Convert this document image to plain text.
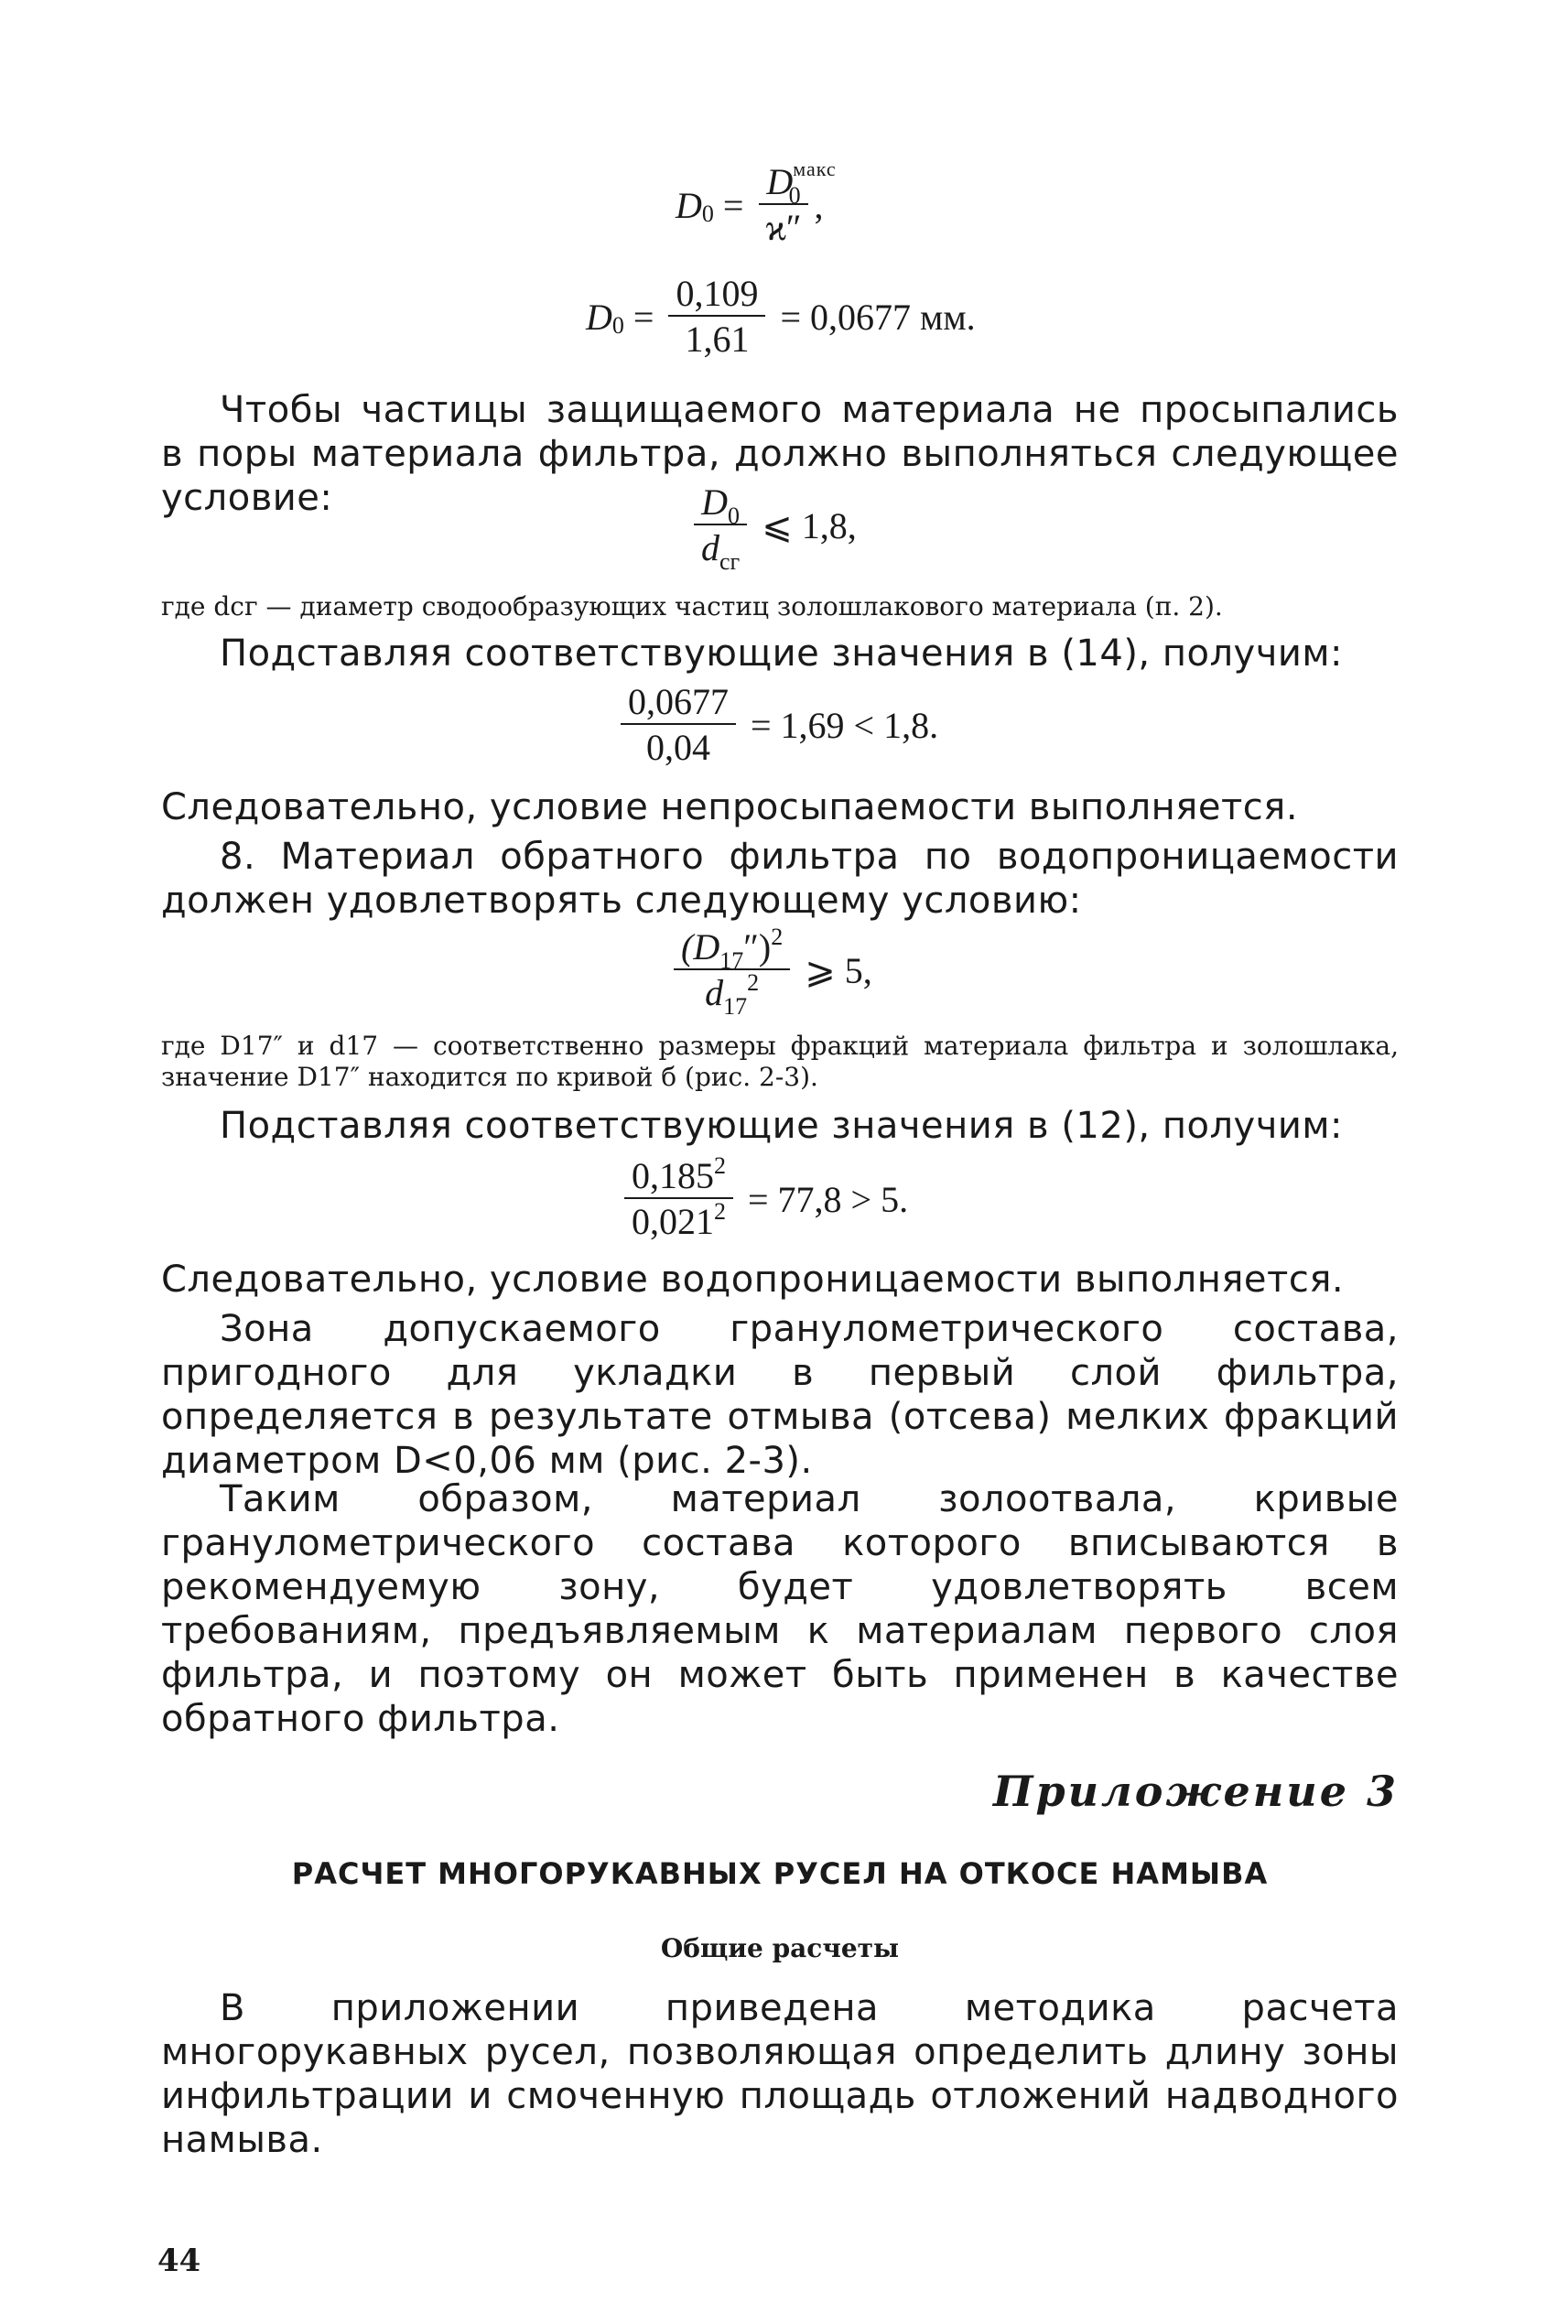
D $0 = \frac{D^{макс}_0}{ϰ''}$ ,
D $0 = \frac{0,109}{1,61} = 0,0677$ мм.

Чтобы частицы защищаемого материала не просыпались в поры материала фильтра, должно выполняться следующее условие:	$\frac{D_0}{d_{сг}}$ ⩽ 1,8,

где dсг — диаметр сводообразующих частиц золошлакового материала (п. 2).

Подставляя соответствующие значения в (14), получим:

$\frac{0,0677}{0,04} = 1,69 < 1,8$.

Следовательно, условие непросыпаемости выполняется.

8. Материал обратного фильтра по водопроницаемости должен удовлетворять следующему условию:

$\frac{(D_{17}'')^2}{d_{17}^2}$ ⩾ 5,

где D17″ и d17 — соответственно размеры фракций материала фильтра и золошлака, значение D17″ находится по кривой б (рис. 2-3).

Подставляя соответствующие значения в (12), получим:

$\frac{0,185^2}{0,021^2} = 77,8 > 5$.

Следовательно, условие водопроницаемости выполняется.

Зона допускаемого гранулометрического состава, пригодного для укладки в первый слой фильтра, определяется в результате отмыва (отсева) мелких фракций диаметром D<0,06 мм (рис. 2-3).

Таким образом, материал золоотвала, кривые гранулометрического состава которого вписываются в рекомендуемую зону, будет удовлетворять всем требованиям, предъявляемым к материалам первого слоя фильтра, и поэтому он может быть применен в качестве обратного фильтра.

Приложение 3
РАСЧЕТ МНОГОРУКАВНЫХ РУСЕЛ НА ОТКОСЕ НАМЫВА
Общие расчеты

В приложении приведена методика расчета многорукавных русел, позволяющая определить длину зоны инфильтрации и смоченную площадь отложений надводного намыва.

44
